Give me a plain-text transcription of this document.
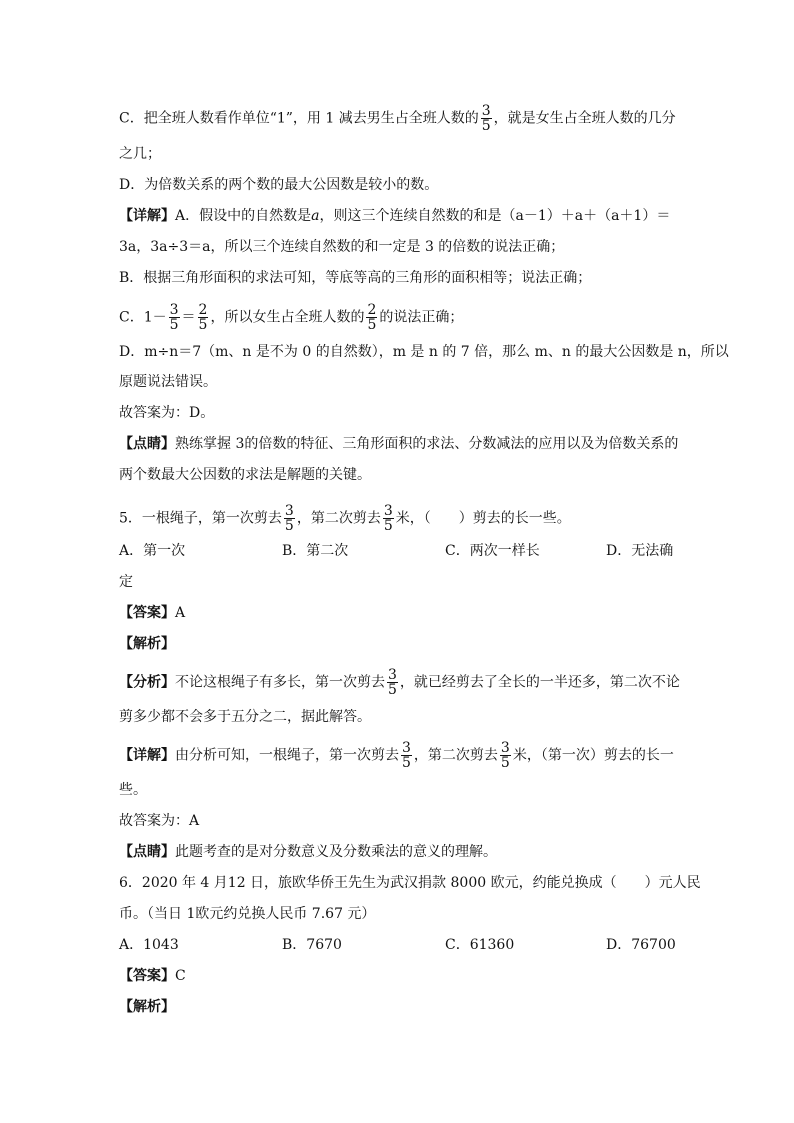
C．把全班人数看作单位“1”，用 1 减去男生占全班人数的 $\frac{3}{5}$ ，就是女生占全班人数的几分
之几；
D．为倍数关系的两个数的最大公因数是较小的数。
【详解】A．假设中的自然数是a，则这三个连续自然数的和是（a－1）＋a＋（a＋1）＝
3a，3a÷3＝a，所以三个连续自然数的和一定是 3 的倍数的说法正确；
B．根据三角形面积的求法可知，等底等高的三角形的面积相等；说法正确；
C．$1- \frac{3}{5} = \frac{2}{5}$ ，所以女生占全班人数的 $\frac{2}{5}$ 的说法正确；
D．m÷n＝7（m、n 是不为 0 的自然数），m 是 n 的 7 倍，那么 m、n 的最大公因数是 n，所以
原题说法错误。
故答案为：D。
【点睛】熟练掌握 3的倍数的特征、三角形面积的求法、分数减法的应用以及为倍数关系的
两个数最大公因数的求法是解题的关键。
5．一根绳子，第一次剪去 $\frac{3}{5}$ ，第二次剪去 $\frac{3}{5}$ 米，（　　）剪去的长一些。
A．第一次	B．第二次	C．两次一样长	D．无法确
定
【答案】A
【解析】
【分析】不论这根绳子有多长，第一次剪去 $\frac{3}{5}$ ，就已经剪去了全长的一半还多，第二次不论
剪多少都不会多于五分之二，据此解答。
【详解】由分析可知，一根绳子，第一次剪去 $\frac{3}{5}$ ，第二次剪去 $\frac{3}{5}$ 米，（第一次）剪去的长一
些。
故答案为：A
【点睛】此题考查的是对分数意义及分数乘法的意义的理解。
6．2020 年 4 月12 日，旅欧华侨王先生为武汉捐款 8000 欧元，约能兑换成（　　）元人民
币。（当日 1欧元约兑换人民币 7.67 元）
A．1043	B．7670	C．61360	D．76700
【答案】C
【解析】
